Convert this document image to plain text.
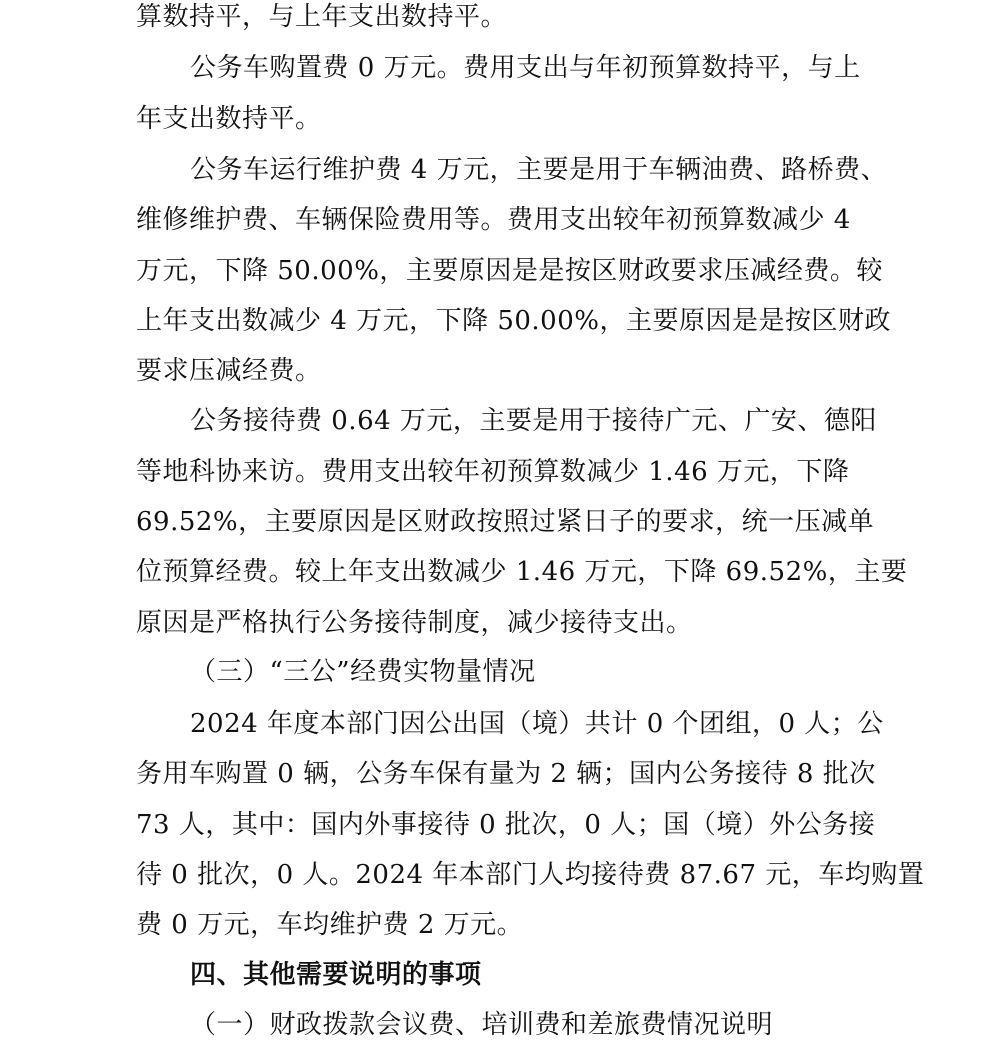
算数持平，与上年支出数持平。
公务车购置费 0 万元。费用支出与年初预算数持平，与上
年支出数持平。
公务车运行维护费 4 万元，主要是用于车辆油费、路桥费、
维修维护费、车辆保险费用等。费用支出较年初预算数减少 4
万元，下降 50.00%，主要原因是是按区财政要求压减经费。较
上年支出数减少 4 万元，下降 50.00%，主要原因是是按区财政
要求压减经费。
公务接待费 0.64 万元，主要是用于接待广元、广安、德阳
等地科协来访。费用支出较年初预算数减少 1.46 万元，下降
69.52%，主要原因是区财政按照过紧日子的要求，统一压减单
位预算经费。较上年支出数减少 1.46 万元，下降 69.52%，主要
原因是严格执行公务接待制度，减少接待支出。
（三）“三公”经费实物量情况
2024 年度本部门因公出国（境）共计 0 个团组，0 人；公
务用车购置 0 辆，公务车保有量为 2 辆；国内公务接待 8 批次
73 人，其中：国内外事接待 0 批次，0 人；国（境）外公务接
待 0 批次，0 人。2024 年本部门人均接待费 87.67 元，车均购置
费 0 万元，车均维护费 2 万元。
四、其他需要说明的事项
（一）财政拨款会议费、培训费和差旅费情况说明
